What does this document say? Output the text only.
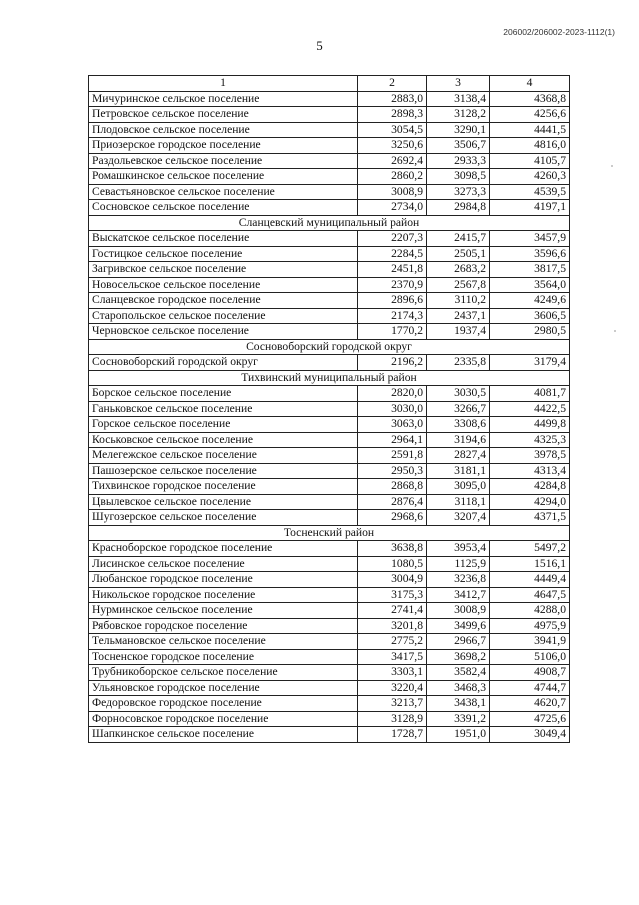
206002/206002-2023-1112(1)
5
1	2	3	4
Мичуринское сельское поселение	2883,0	3138,4	4368,8
Петровское сельское поселение	2898,3	3128,2	4256,6
Плодовское сельское поселение	3054,5	3290,1	4441,5
Приозерское городское поселение	3250,6	3506,7	4816,0
Раздольевское сельское поселение	2692,4	2933,3	4105,7
Ромашкинское сельское поселение	2860,2	3098,5	4260,3
Севастьяновское сельское поселение	3008,9	3273,3	4539,5
Сосновское сельское поселение	2734,0	2984,8	4197,1
Сланцевский муниципальный район			
Выскатское сельское поселение	2207,3	2415,7	3457,9
Гостицкое сельское поселение	2284,5	2505,1	3596,6
Загривское сельское поселение	2451,8	2683,2	3817,5
Новосельское сельское поселение	2370,9	2567,8	3564,0
Сланцевское городское поселение	2896,6	3110,2	4249,6
Старопольское сельское поселение	2174,3	2437,1	3606,5
Черновское сельское поселение	1770,2	1937,4	2980,5
Сосновоборский городской округ			
Сосновоборский городской округ	2196,2	2335,8	3179,4
Тихвинский муниципальный район			
Борское сельское поселение	2820,0	3030,5	4081,7
Ганьковское сельское поселение	3030,0	3266,7	4422,5
Горское сельское поселение	3063,0	3308,6	4499,8
Коськовское сельское поселение	2964,1	3194,6	4325,3
Мелегежское сельское поселение	2591,8	2827,4	3978,5
Пашозерское сельское поселение	2950,3	3181,1	4313,4
Тихвинское городское поселение	2868,8	3095,0	4284,8
Цвылевское сельское поселение	2876,4	3118,1	4294,0
Шугозерское сельское поселение	2968,6	3207,4	4371,5
Тосненский район			
Красноборское городское поселение	3638,8	3953,4	5497,2
Лисинское сельское поселение	1080,5	1125,9	1516,1
Любанское городское поселение	3004,9	3236,8	4449,4
Никольское городское поселение	3175,3	3412,7	4647,5
Нурминское сельское поселение	2741,4	3008,9	4288,0
Рябовское городское поселение	3201,8	3499,6	4975,9
Тельмановское сельское поселение	2775,2	2966,7	3941,9
Тосненское городское поселение	3417,5	3698,2	5106,0
Трубникоборское сельское поселение	3303,1	3582,4	4908,7
Ульяновское городское поселение	3220,4	3468,3	4744,7
Федоровское городское поселение	3213,7	3438,1	4620,7
Форносовское городское поселение	3128,9	3391,2	4725,6
Шапкинское сельское поселение	1728,7	1951,0	3049,4
